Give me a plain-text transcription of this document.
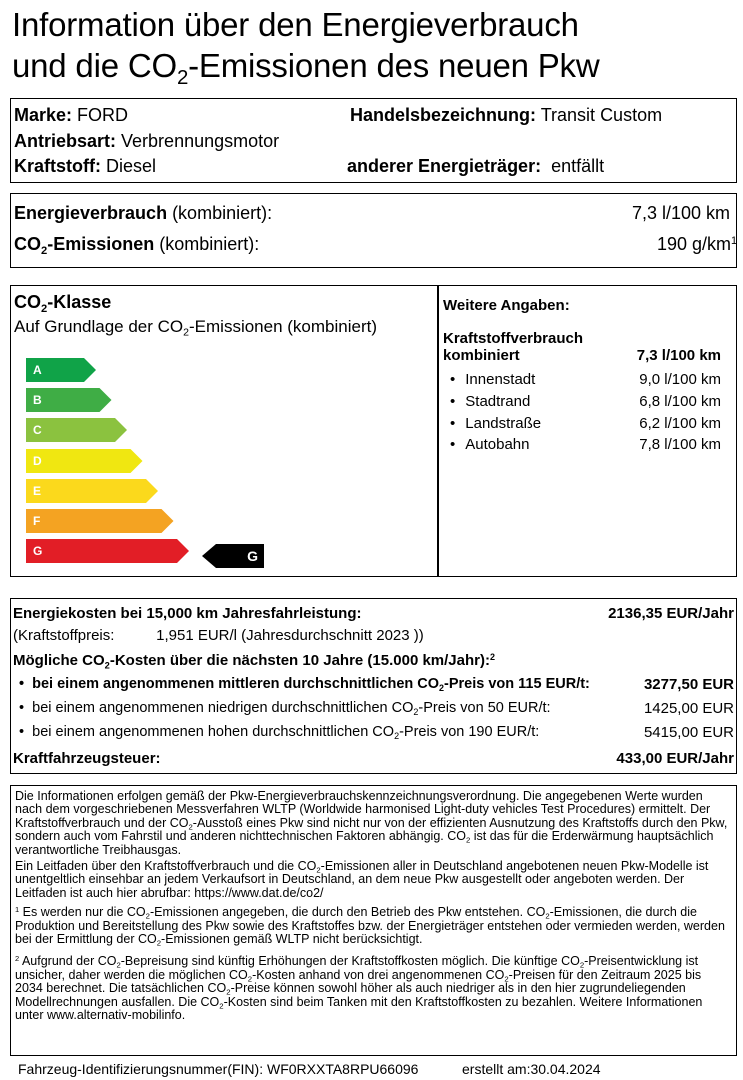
Information über den Energieverbrauch
und die $CO_2$-Emissionen des neuen Pkw
Marke: FORD	Handelsbezeichnung: Transit Custom
Antriebsart: Verbrennungsmotor
Kraftstoff: Diesel	anderer Energieträger: entfällt
Energieverbrauch (kombiniert):	7,3 l/100 km
$CO_2$-Emissionen (kombiniert):	190 $g/km^1$
$CO_2$-Klasse
Auf Grundlage der $CO_2$-Emissionen (kombiniert)
A
B
C
D
E
F
G	G
Weitere Angaben:
Kraftstoffverbrauch
kombiniert	7,3 l/100 km
• Innenstadt	9,0 l/100 km
• Stadtrand	6,8 l/100 km
• Landstraße	6,2 l/100 km
• Autobahn	7,8 l/100 km
Energiekosten bei 15,000 km Jahresfahrleistung:	2136,35 EUR/Jahr
(Kraftstoffpreis:	1,951 EUR/l (Jahresdurchschnitt 2023 ))
Mögliche $CO_2$-Kosten über die nächsten 10 Jahre (15.000 km/Jahr):$^2$
• bei einem angenommenen mittleren durchschnittlichen $CO_2$-Preis von 115 EUR/t:	3277,50 EUR
• bei einem angenommenen niedrigen durchschnittlichen $CO_2$-Preis von 50 EUR/t:	1425,00 EUR
• bei einem angenommenen hohen durchschnittlichen $CO_2$-Preis von 190 EUR/t:	5415,00 EUR
Kraftfahrzeugsteuer:	433,00 EUR/Jahr

Die Informationen erfolgen gemäß der Pkw-Energieverbrauchskennzeichnungsverordnung. Die angegebenen Werte wurden nach dem vorgeschriebenen Messverfahren WLTP (Worldwide harmonised Light-duty vehicles Test Procedures) ermittelt. Der Kraftstoffverbrauch und der $CO_2$-Ausstoß eines Pkw sind nicht nur von der effizienten Ausnutzung des Kraftstoffs durch den Pkw, sondern auch vom Fahrstil und anderen nichttechnischen Faktoren abhängig. $CO_2$ ist das für die Erderwärmung hauptsächlich verantwortliche Treibhausgas.

Ein Leitfaden über den Kraftstoffverbrauch und die $CO_2$-Emissionen aller in Deutschland angebotenen neuen Pkw-Modelle ist unentgeltlich einsehbar an jedem Verkaufsort in Deutschland, an dem neue Pkw ausgestellt oder angeboten werden. Der Leitfaden ist auch hier abrufbar: https://www.dat.de/co2/

$^1$ Es werden nur die $CO_2$-Emissionen angegeben, die durch den Betrieb des Pkw entstehen. $CO_2$-Emissionen, die durch die Produktion und Bereitstellung des Pkw sowie des Kraftstoffes bzw. der Energieträger entstehen oder vermieden werden, werden bei der Ermittlung der $CO_2$-Emissionen gemäß WLTP nicht berücksichtigt.

$^2$ Aufgrund der $CO_2$-Bepreisung sind künftig Erhöhungen der Kraftstoffkosten möglich. Die künftige $CO_2$-Preisentwicklung ist unsicher, daher werden die möglichen $CO_2$-Kosten anhand von drei angenommenen $CO_2$-Preisen für den Zeitraum 2025 bis 2034 berechnet. Die tatsächlichen $CO_2$-Preise können sowohl höher als auch niedriger als in den hier zugrundeliegenden Modellrechnungen ausfallen. Die $CO_2$-Kosten sind beim Tanken mit den Kraftstoffkosten zu bezahlen. Weitere Informationen unter www.alternativ-mobilinfo.

Fahrzeug-Identifizierungsnummer(FIN): WF0RXXTA8RPU66096	erstellt am:30.04.2024
